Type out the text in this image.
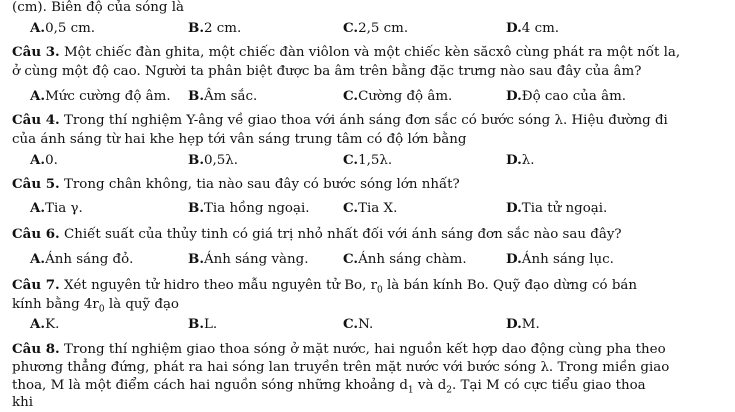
(cm). Biên độ của sóng là
A.0,5 cm.	B.2 cm.	C.2,5 cm.	D.4 cm.
Câu 3. Một chiếc đàn ghita, một chiếc đàn viôlon và một chiếc kèn săcxô cùng phát ra một nốt la,
ở cùng một độ cao. Người ta phân biệt được ba âm trên bằng đặc trưng nào sau đây của âm?
A.Mức cường độ âm. B.Âm sắc.	C.Cường độ âm.	D.Độ cao của âm.
Câu 4. Trong thí nghiệm Y-âng về giao thoa với ánh sáng đơn sắc có bước sóng λ. Hiệu đường đi
của ánh sáng từ hai khe hẹp tới vân sáng trung tâm có độ lớn bằng
A.0.	B.0,5λ.	C.1,5λ.	D.λ.
Câu 5. Trong chân không, tia nào sau đây có bước sóng lớn nhất?
A.Tia γ.	B.Tia hồng ngoại.	C.Tia X.	D.Tia tử ngoại.
Câu 6. Chiết suất của thủy tinh có giá trị nhỏ nhất đối với ánh sáng đơn sắc nào sau đây?
A.Ánh sáng đỏ.	B.Ánh sáng vàng.	C.Ánh sáng chàm.	D.Ánh sáng lục.
Câu 7. Xét nguyên tử hidro theo mẫu nguyên tử Bo, $r_0$ là bán kính Bo. Quỹ đạo dừng có bán
kính bằng $4r_0$ là quỹ đạo
A.K.	B.L.	C.N.	D.M.
Câu 8. Trong thí nghiệm giao thoa sóng ở mặt nước, hai nguồn kết hợp dao động cùng pha theo
phương thẳng đứng, phát ra hai sóng lan truyền trên mặt nước với bước sóng λ. Trong miền giao
thoa, M là một điểm cách hai nguồn sóng những khoảng $d_1$ và $d_2$. Tại M có cực tiểu giao thoa
khi
